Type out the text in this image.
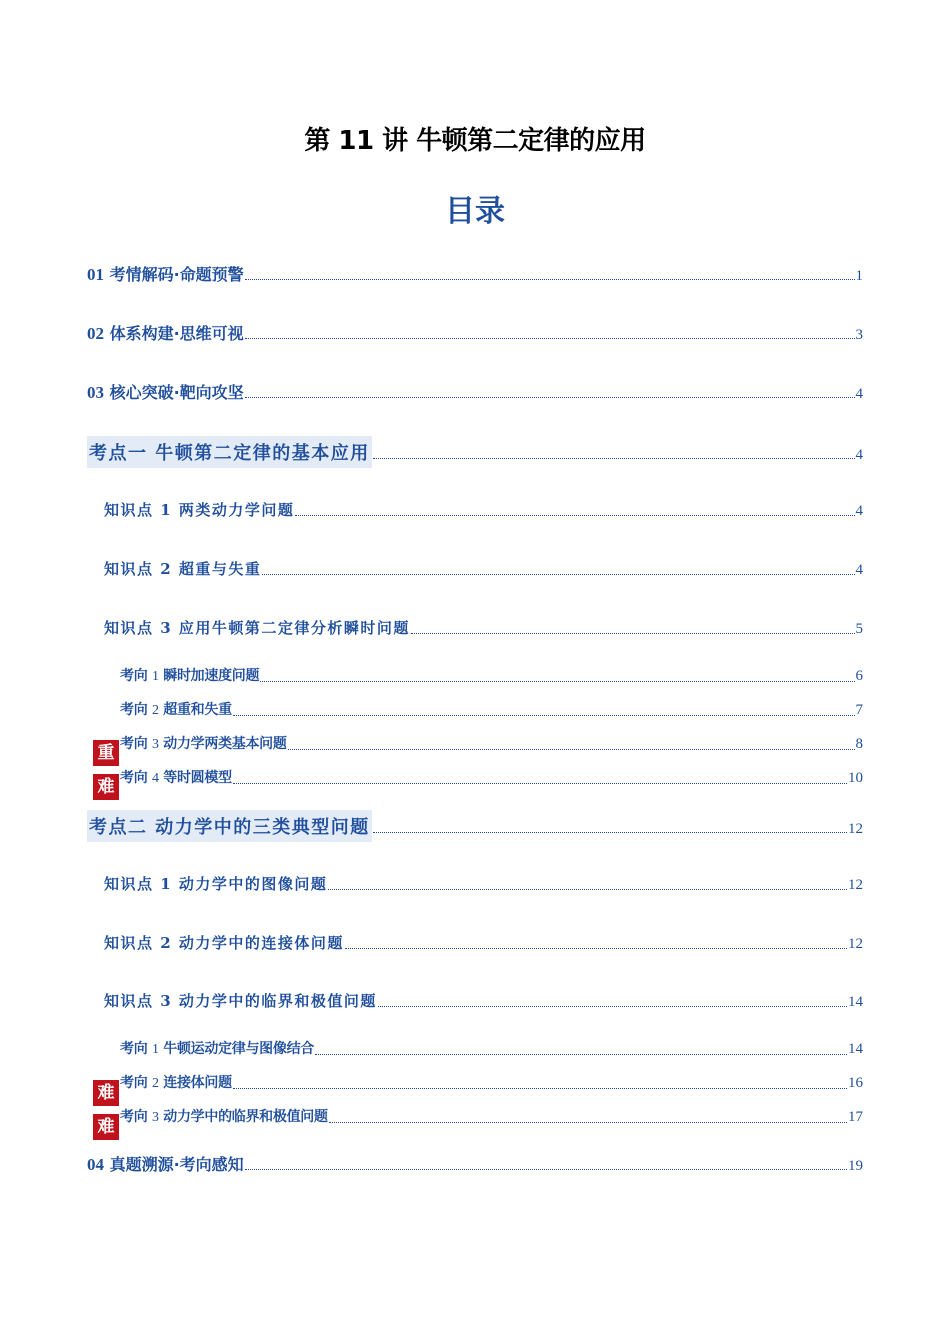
第 11 讲 牛顿第二定律的应用
目录
01 考情解码·命题预警	1
02 体系构建·思维可视	3
03 核心突破·靶向攻坚	4
考点一 牛顿第二定律的基本应用	4
知识点 1 两类动力学问题	4
知识点 2 超重与失重	4
知识点 3 应用牛顿第二定律分析瞬时问题	5
考向 1 瞬时加速度问题	6
考向 2 超重和失重	7
考向 3 动力学两类基本问题	8
考向 4 等时圆模型	10
考点二 动力学中的三类典型问题	12
知识点 1 动力学中的图像问题	12
知识点 2 动力学中的连接体问题	12
知识点 3 动力学中的临界和极值问题	14
考向 1 牛顿运动定律与图像结合	14
考向 2 连接体问题	16
考向 3 动力学中的临界和极值问题	17
04 真题溯源·考向感知	19
重
难
难
难
